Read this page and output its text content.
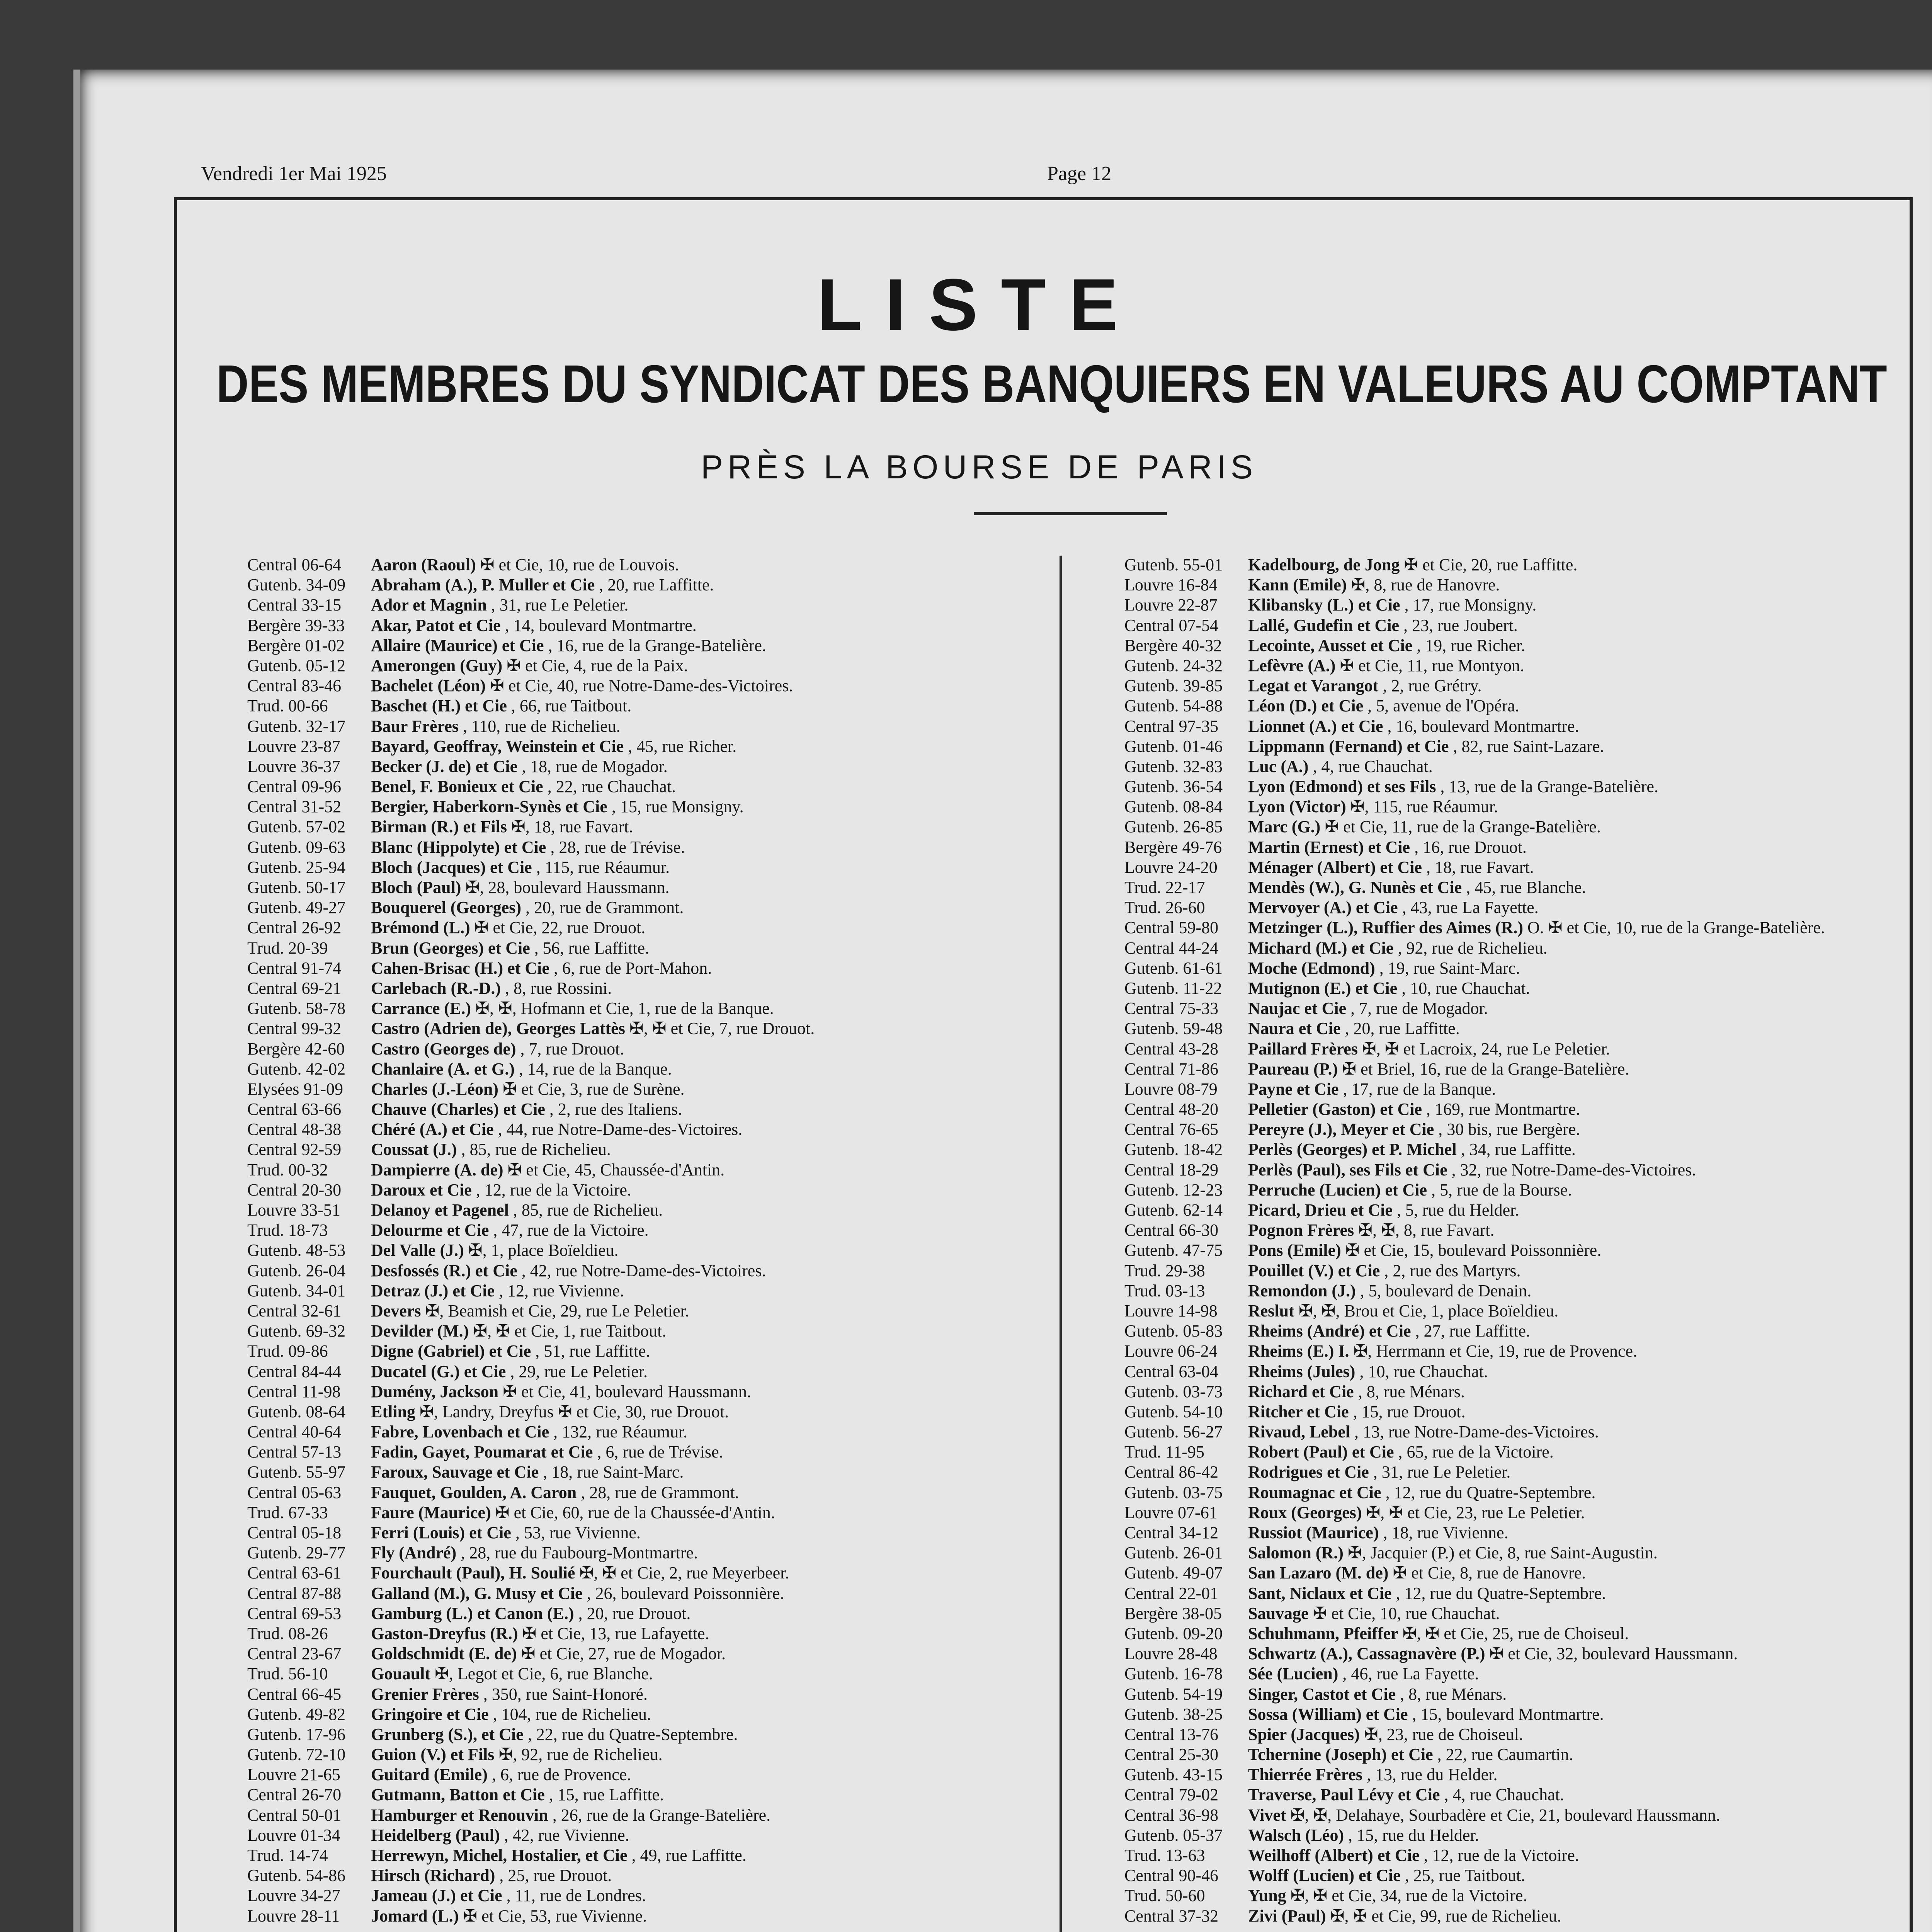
Vendredi 1er Mai 1925	Page 12
LISTE
DES MEMBRES DU SYNDICAT DES BANQUIERS EN VALEURS AU COMPTANT
PRÈS LA BOURSE DE PARIS
Central 06-64 Aaron (Raoul) ✠ et Cie, 10, rue de Louvois.
Gutenb. 34-09 Abraham (A.), P. Muller et Cie , 20, rue Laffitte.
Central 33-15 Ador et Magnin , 31, rue Le Peletier.
Bergère 39-33 Akar, Patot et Cie , 14, boulevard Montmartre.
Bergère 01-02 Allaire (Maurice) et Cie , 16, rue de la Grange-Batelière.
Gutenb. 05-12 Amerongen (Guy) ✠ et Cie, 4, rue de la Paix.
Central 83-46 Bachelet (Léon) ✠ et Cie, 40, rue Notre-Dame-des-Victoires.
Trud. 00-66	Baschet (H.) et Cie , 66, rue Taitbout.
Gutenb. 32-17 Baur Frères , 110, rue de Richelieu.
Louvre 23-87 Bayard, Geoffray, Weinstein et Cie , 45, rue Richer.
Louvre 36-37 Becker (J. de) et Cie , 18, rue de Mogador.
Central 09-96 Benel, F. Bonieux et Cie , 22, rue Chauchat.
Central 31-52 Bergier, Haberkorn-Synès et Cie , 15, rue Monsigny.
Gutenb. 57-02 Birman (R.) et Fils ✠, 18, rue Favart.
Gutenb. 09-63 Blanc (Hippolyte) et Cie , 28, rue de Trévise.
Gutenb. 25-94 Bloch (Jacques) et Cie , 115, rue Réaumur.
Gutenb. 50-17 Bloch (Paul) ✠, 28, boulevard Haussmann.
Gutenb. 49-27 Bouquerel (Georges) , 20, rue de Grammont.
Central 26-92 Brémond (L.) ✠ et Cie, 22, rue Drouot.
Trud. 20-39	Brun (Georges) et Cie , 56, rue Laffitte.
Central 91-74 Cahen-Brisac (H.) et Cie , 6, rue de Port-Mahon.
Central 69-21 Carlebach (R.-D.) , 8, rue Rossini.
Gutenb. 58-78 Carrance (E.) ✠, ✠, Hofmann et Cie, 1, rue de la Banque.
Central 99-32 Castro (Adrien de), Georges Lattès ✠, ✠ et Cie, 7, rue Drouot.
Bergère 42-60 Castro (Georges de) , 7, rue Drouot.
Gutenb. 42-02 Chanlaire (A. et G.) , 14, rue de la Banque.
Elysées 91-09 Charles (J.-Léon) ✠ et Cie, 3, rue de Surène.
Central 63-66 Chauve (Charles) et Cie , 2, rue des Italiens.
Central 48-38 Chéré (A.) et Cie , 44, rue Notre-Dame-des-Victoires.
Central 92-59 Coussat (J.) , 85, rue de Richelieu.
Trud. 00-32	Dampierre (A. de) ✠ et Cie, 45, Chaussée-d'Antin.
Central 20-30 Daroux et Cie , 12, rue de la Victoire.
Louvre 33-51 Delanoy et Pagenel , 85, rue de Richelieu.
Trud. 18-73	Delourme et Cie , 47, rue de la Victoire.
Gutenb. 48-53 Del Valle (J.) ✠, 1, place Boïeldieu.
Gutenb. 26-04 Desfossés (R.) et Cie , 42, rue Notre-Dame-des-Victoires.
Gutenb. 34-01 Detraz (J.) et Cie , 12, rue Vivienne.
Central 32-61 Devers ✠, Beamish et Cie, 29, rue Le Peletier.
Gutenb. 69-32 Devilder (M.) ✠, ✠ et Cie, 1, rue Taitbout.
Trud. 09-86	Digne (Gabriel) et Cie , 51, rue Laffitte.
Central 84-44 Ducatel (G.) et Cie , 29, rue Le Peletier.
Central 11-98 Dumény, Jackson ✠ et Cie, 41, boulevard Haussmann.
Gutenb. 08-64 Etling ✠, Landry, Dreyfus ✠ et Cie, 30, rue Drouot.
Central 40-64 Fabre, Lovenbach et Cie , 132, rue Réaumur.
Central 57-13 Fadin, Gayet, Poumarat et Cie , 6, rue de Trévise.
Gutenb. 55-97 Faroux, Sauvage et Cie , 18, rue Saint-Marc.
Central 05-63 Fauquet, Goulden, A. Caron , 28, rue de Grammont.
Trud. 67-33	Faure (Maurice) ✠ et Cie, 60, rue de la Chaussée-d'Antin.
Central 05-18 Ferri (Louis) et Cie , 53, rue Vivienne.
Gutenb. 29-77 Fly (André) , 28, rue du Faubourg-Montmartre.
Central 63-61 Fourchault (Paul), H. Soulié ✠, ✠ et Cie, 2, rue Meyerbeer.
Central 87-88 Galland (M.), G. Musy et Cie , 26, boulevard Poissonnière.
Central 69-53 Gamburg (L.) et Canon (E.) , 20, rue Drouot.
Trud. 08-26	Gaston-Dreyfus (R.) ✠ et Cie, 13, rue Lafayette.
Central 23-67 Goldschmidt (E. de) ✠ et Cie, 27, rue de Mogador.
Trud. 56-10	Gouault ✠, Legot et Cie, 6, rue Blanche.
Central 66-45 Grenier Frères , 350, rue Saint-Honoré.
Gutenb. 49-82 Gringoire et Cie , 104, rue de Richelieu.
Gutenb. 17-96 Grunberg (S.), et Cie , 22, rue du Quatre-Septembre.
Gutenb. 72-10 Guion (V.) et Fils ✠, 92, rue de Richelieu.
Louvre 21-65 Guitard (Emile) , 6, rue de Provence.
Central 26-70 Gutmann, Batton et Cie , 15, rue Laffitte.
Central 50-01 Hamburger et Renouvin , 26, rue de la Grange-Batelière.
Louvre 01-34 Heidelberg (Paul) , 42, rue Vivienne.
Trud. 14-74	Herrewyn, Michel, Hostalier, et Cie , 49, rue Laffitte.
Gutenb. 54-86 Hirsch (Richard) , 25, rue Drouot.
Louvre 34-27 Jameau (J.) et Cie , 11, rue de Londres.
Louvre 28-11 Jomard (L.) ✠ et Cie, 53, rue Vivienne.
Gutenb. 55-01 Kadelbourg, de Jong ✠ et Cie, 20, rue Laffitte.
Louvre 16-84 Kann (Emile) ✠, 8, rue de Hanovre.
Louvre 22-87 Klibansky (L.) et Cie , 17, rue Monsigny.
Central 07-54 Lallé, Gudefin et Cie , 23, rue Joubert.
Bergère 40-32 Lecointe, Ausset et Cie , 19, rue Richer.
Gutenb. 24-32 Lefèvre (A.) ✠ et Cie, 11, rue Montyon.
Gutenb. 39-85 Legat et Varangot , 2, rue Grétry.
Gutenb. 54-88 Léon (D.) et Cie , 5, avenue de l'Opéra.
Central 97-35 Lionnet (A.) et Cie , 16, boulevard Montmartre.
Gutenb. 01-46 Lippmann (Fernand) et Cie , 82, rue Saint-Lazare.
Gutenb. 32-83 Luc (A.) , 4, rue Chauchat.
Gutenb. 36-54 Lyon (Edmond) et ses Fils , 13, rue de la Grange-Batelière.
Gutenb. 08-84 Lyon (Victor) ✠, 115, rue Réaumur.
Gutenb. 26-85 Marc (G.) ✠ et Cie, 11, rue de la Grange-Batelière.
Bergère 49-76 Martin (Ernest) et Cie , 16, rue Drouot.
Louvre 24-20 Ménager (Albert) et Cie , 18, rue Favart.
Trud. 22-17	Mendès (W.), G. Nunès et Cie , 45, rue Blanche.
Trud. 26-60	Mervoyer (A.) et Cie , 43, rue La Fayette.
Central 59-80 Metzinger (L.), Ruffier des Aimes (R.) O. ✠ et Cie, 10, rue de la Grange-Batelière.
Central 44-24 Michard (M.) et Cie , 92, rue de Richelieu.
Gutenb. 61-61 Moche (Edmond) , 19, rue Saint-Marc.
Gutenb. 11-22 Mutignon (E.) et Cie , 10, rue Chauchat.
Central 75-33 Naujac et Cie , 7, rue de Mogador.
Gutenb. 59-48 Naura et Cie , 20, rue Laffitte.
Central 43-28 Paillard Frères ✠, ✠ et Lacroix, 24, rue Le Peletier.
Central 71-86 Paureau (P.) ✠ et Briel, 16, rue de la Grange-Batelière.
Louvre 08-79 Payne et Cie , 17, rue de la Banque.
Central 48-20 Pelletier (Gaston) et Cie , 169, rue Montmartre.
Central 76-65 Pereyre (J.), Meyer et Cie , 30 bis, rue Bergère.
Gutenb. 18-42 Perlès (Georges) et P. Michel , 34, rue Laffitte.
Central 18-29 Perlès (Paul), ses Fils et Cie , 32, rue Notre-Dame-des-Victoires.
Gutenb. 12-23 Perruche (Lucien) et Cie , 5, rue de la Bourse.
Gutenb. 62-14 Picard, Drieu et Cie , 5, rue du Helder.
Central 66-30 Pognon Frères ✠, ✠, 8, rue Favart.
Gutenb. 47-75 Pons (Emile) ✠ et Cie, 15, boulevard Poissonnière.
Trud. 29-38	Pouillet (V.) et Cie , 2, rue des Martyrs.
Trud. 03-13	Remondon (J.) , 5, boulevard de Denain.
Louvre 14-98 Reslut ✠, ✠, Brou et Cie, 1, place Boïeldieu.
Gutenb. 05-83 Rheims (André) et Cie , 27, rue Laffitte.
Louvre 06-24 Rheims (E.) I. ✠, Herrmann et Cie, 19, rue de Provence.
Central 63-04 Rheims (Jules) , 10, rue Chauchat.
Gutenb. 03-73 Richard et Cie , 8, rue Ménars.
Gutenb. 54-10 Ritcher et Cie , 15, rue Drouot.
Gutenb. 56-27 Rivaud, Lebel , 13, rue Notre-Dame-des-Victoires.
Trud. 11-95	Robert (Paul) et Cie , 65, rue de la Victoire.
Central 86-42 Rodrigues et Cie , 31, rue Le Peletier.
Gutenb. 03-75 Roumagnac et Cie , 12, rue du Quatre-Septembre.
Louvre 07-61 Roux (Georges) ✠, ✠ et Cie, 23, rue Le Peletier.
Central 34-12 Russiot (Maurice) , 18, rue Vivienne.
Gutenb. 26-01 Salomon (R.) ✠, Jacquier (P.) et Cie, 8, rue Saint-Augustin.
Gutenb. 49-07 San Lazaro (M. de) ✠ et Cie, 8, rue de Hanovre.
Central 22-01 Sant, Niclaux et Cie , 12, rue du Quatre-Septembre.
Bergère 38-05 Sauvage ✠ et Cie, 10, rue Chauchat.
Gutenb. 09-20 Schuhmann, Pfeiffer ✠, ✠ et Cie, 25, rue de Choiseul.
Louvre 28-48 Schwartz (A.), Cassagnavère (P.) ✠ et Cie, 32, boulevard Haussmann.
Gutenb. 16-78 Sée (Lucien) , 46, rue La Fayette.
Gutenb. 54-19 Singer, Castot et Cie , 8, rue Ménars.
Gutenb. 38-25 Sossa (William) et Cie , 15, boulevard Montmartre.
Central 13-76 Spier (Jacques) ✠, 23, rue de Choiseul.
Central 25-30 Tchernine (Joseph) et Cie , 22, rue Caumartin.
Gutenb. 43-15 Thierrée Frères , 13, rue du Helder.
Central 79-02 Traverse, Paul Lévy et Cie , 4, rue Chauchat.
Central 36-98 Vivet ✠, ✠, Delahaye, Sourbadère et Cie, 21, boulevard Haussmann.
Gutenb. 05-37 Walsch (Léo) , 15, rue du Helder.
Trud. 13-63	Weilhoff (Albert) et Cie , 12, rue de la Victoire.
Central 90-46 Wolff (Lucien) et Cie , 25, rue Taitbout.
Trud. 50-60	Yung ✠, ✠ et Cie, 34, rue de la Victoire.
Central 37-32 Zivi (Paul) ✠, ✠ et Cie, 99, rue de Richelieu.
